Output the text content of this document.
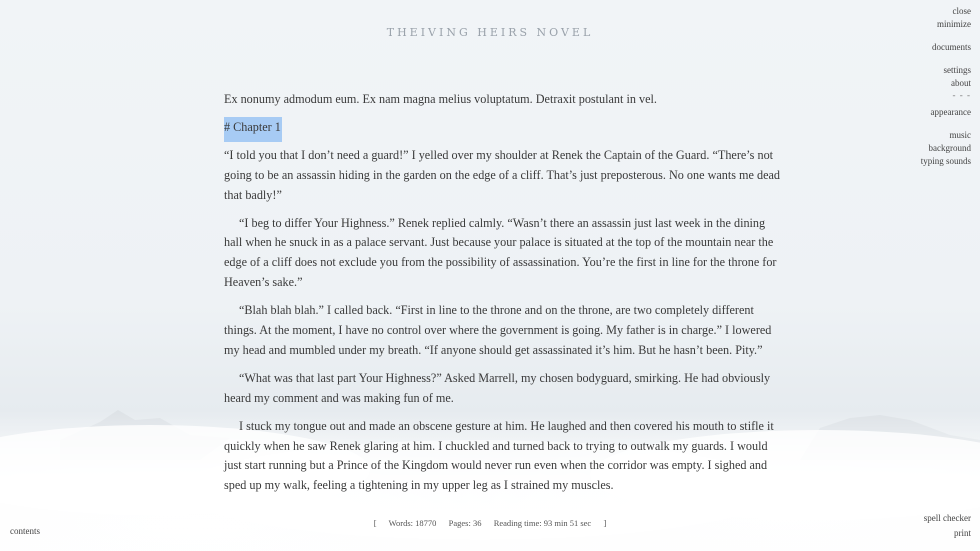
THEIVING HEIRS NOVEL

Ex nonumy admodum eum. Ex nam magna melius voluptatum. Detraxit postulant in vel.

# Chapter 1

“I told you that I don’t need a guard!” I yelled over my shoulder at Renek the Captain of the Guard. “There’s not going to be an assassin hiding in the garden on the edge of a cliff. That’s just preposterous. No one wants me dead that badly!”

“I beg to differ Your Highness.” Renek replied calmly. “Wasn’t there an assassin just last week in the dining hall when he snuck in as a palace servant. Just because your palace is situated at the top of the mountain near the edge of a cliff does not exclude you from the possibility of assassination. You’re the first in line for the throne for Heaven’s sake.”

“Blah blah blah.” I called back. “First in line to the throne and on the throne, are two completely different things. At the moment, I have no control over where the government is going. My father is in charge.” I lowered my head and mumbled under my breath. “If anyone should get assassinated it’s him. But he hasn’t been. Pity.”

“What was that last part Your Highness?” Asked Marrell, my chosen bodyguard, smirking. He had obviously heard my comment and was making fun of me.

I stuck my tongue out and made an obscene gesture at him. He laughed and then covered his mouth to stifle it quickly when he saw Renek glaring at him. I chuckled and turned back to trying to outwalk my guards. I would just start running but a Prince of the Kingdom would never run even when the corridor was empty. I sighed and sped up my walk, feeling a tightening in my upper leg as I strained my muscles.

close
minimize
documents
settings
about
- - -
appearance
music
background
typing sounds
spell checker
print
contents
[ Words: 18770 Pages: 36 Reading time: 93 min 51 sec ]
